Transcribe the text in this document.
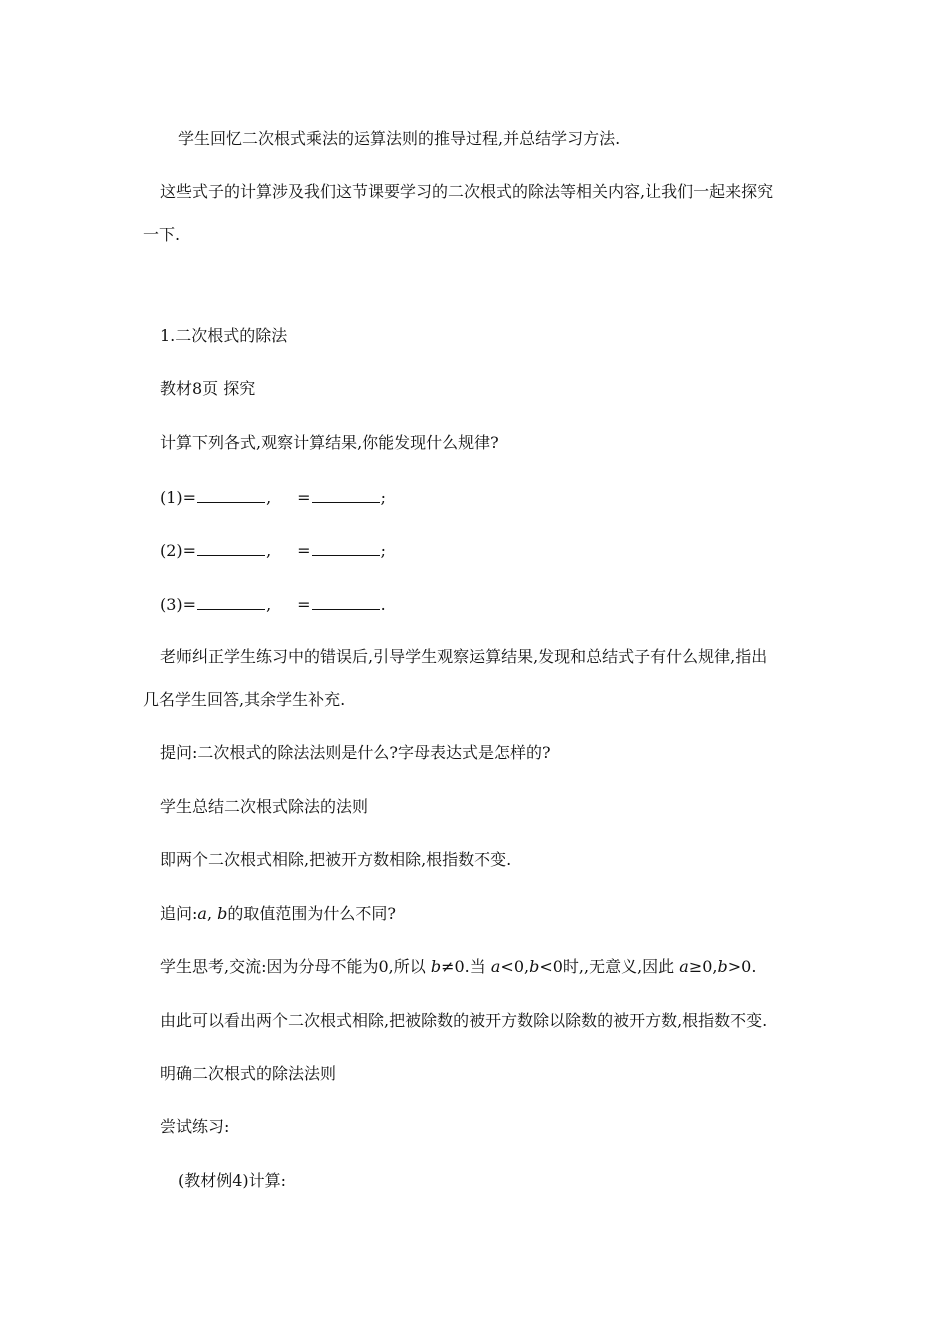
学生回忆二次根式乘法的运算法则的推导过程,并总结学习方法.
这些式子的计算涉及我们这节课要学习的二次根式的除法等相关内容,让我们一起来探究
一下.
1.二次根式的除法
教材8页 探究
计算下列各式,观察计算结果,你能发现什么规律?
(1)=	, =	;
(2)=	, =	;
(3)=	, =	.
老师纠正学生练习中的错误后,引导学生观察运算结果,发现和总结式子有什么规律,指出
几名学生回答,其余学生补充.
提问:二次根式的除法法则是什么?字母表达式是怎样的?
学生总结二次根式除法的法则
即两个二次根式相除,把被开方数相除,根指数不变.
追问:a, b的取值范围为什么不同?
学生思考,交流:因为分母不能为0,所以 b≠0.当 a<0,b<0时,,无意义,因此 a≥0,b>0.
由此可以看出两个二次根式相除,把被除数的被开方数除以除数的被开方数,根指数不变.
明确二次根式的除法法则
尝试练习:
(教材例4)计算:
